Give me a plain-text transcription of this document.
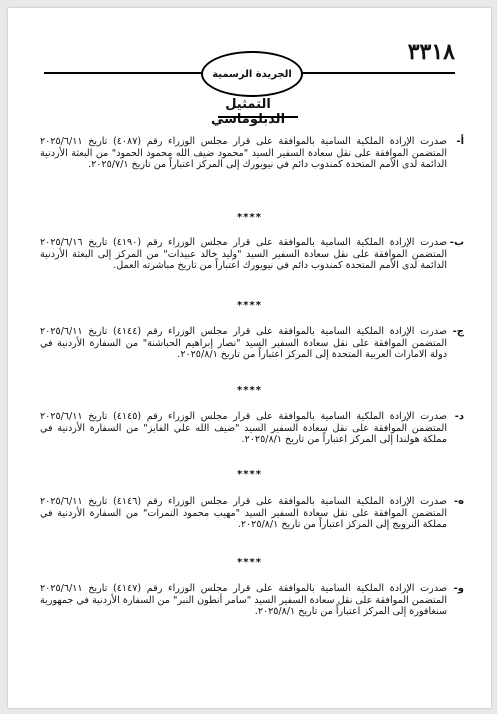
الجريدة الرسمية
٣٣١٨
التمثيل الدبلوماسي
أ-
صدرت الإرادة الملكية السامية بالموافقة على قرار مجلس الوزراء رقم (٤٠٨٧) تاريخ ٢٠٢٥/٦/١١ المتضمن الموافقة على نقل سعادة السفير السيد "محمود ضيف الله محمود الحمود" من البعثة الأردنية الدائمة لدى الأمم المتحدة كمندوب دائم في نيويورك إلى المركز اعتباراً من تاريخ ٢٠٢٥/٧/١.
****
ب-
صدرت الإرادة الملكية السامية بالموافقة على قرار مجلس الوزراء رقم (٤١٩٠) تاريخ ٢٠٢٥/٦/١٦ المتضمن الموافقة على نقل سعادة السفير السيد "وليد خالد عبيدات" من المركز إلى البعثة الأردنية الدائمة لدى الأمم المتحدة كمندوب دائم في نيويورك اعتباراً من تاريخ مباشرته العمل.
****
ج-
صدرت الإرادة الملكية السامية بالموافقة على قرار مجلس الوزراء رقم (٤١٤٤) تاريخ ٢٠٢٥/٦/١١ المتضمن الموافقة على نقل سعادة السفير السيد "نصار إبراهيم الحباشنة" من السفارة الأردنية في دولة الامارات العربية المتحدة إلى المركز اعتباراً من تاريخ ٢٠٢٥/٨/١.
****
د-
صدرت الإرادة الملكية السامية بالموافقة على قرار مجلس الوزراء رقم (٤١٤٥) تاريخ ٢٠٢٥/٦/١١ المتضمن الموافقة على نقل سعادة السفير السيد "ضيف الله علي الفايز" من السفارة الأردنية في مملكة هولندا إلى المركز اعتباراً من تاريخ ٢٠٢٥/٨/١.
****
ه-
صدرت الإرادة الملكية السامية بالموافقة على قرار مجلس الوزراء رقم (٤١٤٦) تاريخ ٢٠٢٥/٦/١١ المتضمن الموافقة على نقل سعادة السفير السيد "مهيب محمود النمرات" من السفارة الأردنية في مملكة النرويج إلى المركز اعتباراً من تاريخ ٢٠٢٥/٨/١.
****
و-
صدرت الإرادة الملكية السامية بالموافقة على قرار مجلس الوزراء رقم (٤١٤٧) تاريخ ٢٠٢٥/٦/١١ المتضمن الموافقة على نقل سعادة السفير السيد "سامر أنطون النبر" من السفارة الأردنية في جمهورية سنغافورة إلى المركز اعتباراً من تاريخ ٢٠٢٥/٨/١.
